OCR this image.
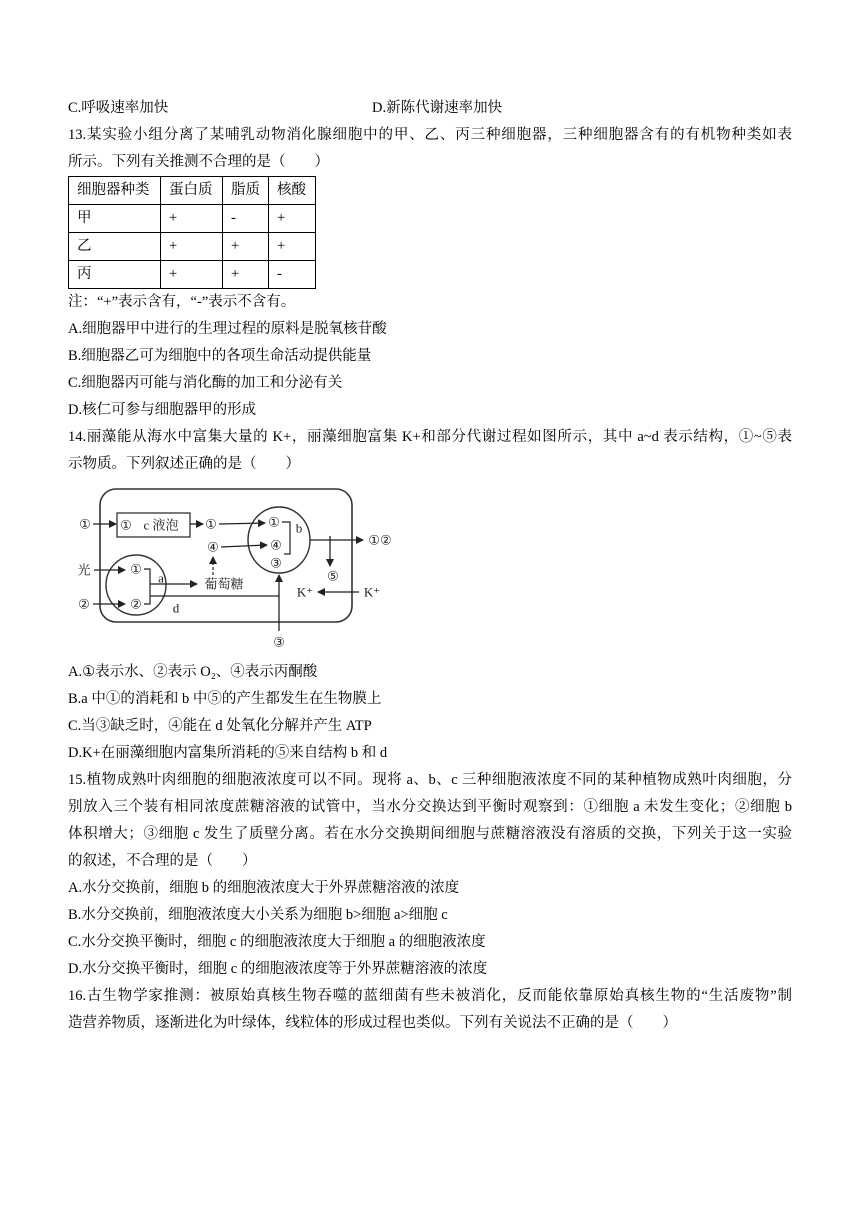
C.呼吸速率加快	D.新陈代谢速率加快
13.某实验小组分离了某哺乳动物消化腺细胞中的甲、乙、丙三种细胞器，三种细胞器含有的有机物种类如表
所示。下列有关推测不合理的是（　　）
细胞器种类	蛋白质	脂质	核酸
甲	+	-	+
乙	+	+	+
丙	+	+	-
注：“+”表示含有，“-”表示不含有。
A.细胞器甲中进行的生理过程的原料是脱氧核苷酸
B.细胞器乙可为细胞中的各项生命活动提供能量
C.细胞器丙可能与消化酶的加工和分泌有关
D.核仁可参与细胞器甲的形成
14.丽藻能从海水中富集大量的 K+，丽藻细胞富集 K+和部分代谢过程如图所示，其中 a~d 表示结构，①~⑤表
示物质。下列叙述正确的是（　　）
① ① c 液泡 ①	① b
④
③
①②
⑤
K⁺	K⁺
光	①
②	②
a	葡萄糖
④
d
③
A.①表示水、②表示 O₂、④表示丙酮酸
B.a 中①的消耗和 b 中⑤的产生都发生在生物膜上
C.当③缺乏时，④能在 d 处氧化分解并产生 ATP
D.K+在丽藻细胞内富集所消耗的⑤来自结构 b 和 d
15.植物成熟叶肉细胞的细胞液浓度可以不同。现将 a、b、c 三种细胞液浓度不同的某种植物成熟叶肉细胞，分
别放入三个装有相同浓度蔗糖溶液的试管中，当水分交换达到平衡时观察到：①细胞 a 未发生变化；②细胞 b
体积增大；③细胞 c 发生了质壁分离。若在水分交换期间细胞与蔗糖溶液没有溶质的交换，下列关于这一实验
的叙述，不合理的是（　　）
A.水分交换前，细胞 b 的细胞液浓度大于外界蔗糖溶液的浓度
B.水分交换前，细胞液浓度大小关系为细胞 b>细胞 a>细胞 c
C.水分交换平衡时，细胞 c 的细胞液浓度大于细胞 a 的细胞液浓度
D.水分交换平衡时，细胞 c 的细胞液浓度等于外界蔗糖溶液的浓度
16.古生物学家推测：被原始真核生物吞噬的蓝细菌有些未被消化，反而能依靠原始真核生物的“生活废物”制
造营养物质，逐渐进化为叶绿体，线粒体的形成过程也类似。下列有关说法不正确的是（　　）
